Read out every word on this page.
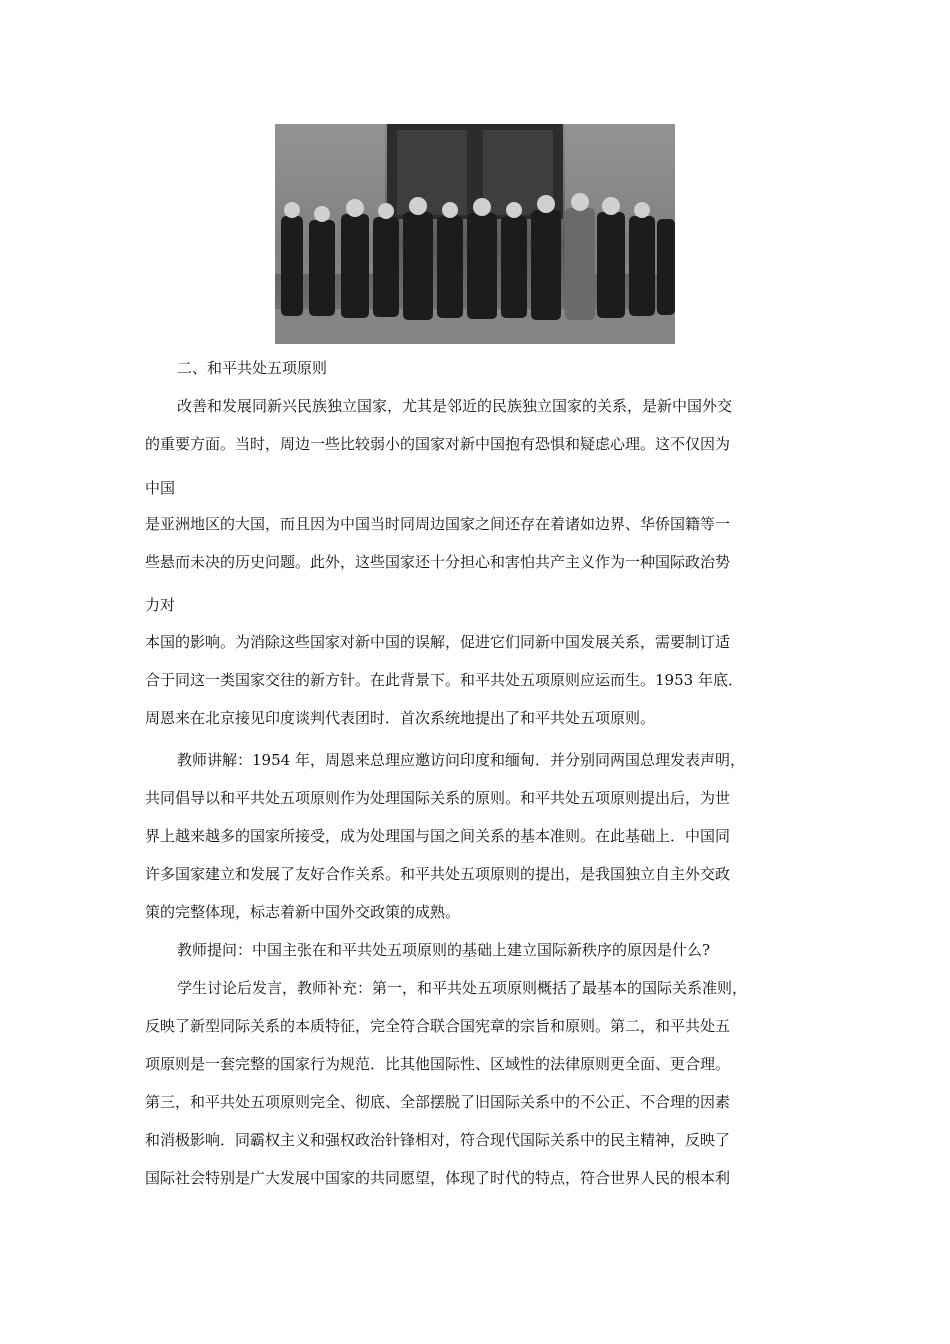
二、和平共处五项原则
改善和发展同新兴民族独立国家，尤其是邻近的民族独立国家的关系，是新中国外交
的重要方面。当时，周边一些比较弱小的国家对新中国抱有恐惧和疑虑心理。这不仅因为
中国
是亚洲地区的大国，而且因为中国当时同周边国家之间还存在着诸如边界、华侨国籍等一
些悬而未决的历史问题。此外，这些国家还十分担心和害怕共产主义作为一种国际政治势
力对
本国的影响。为消除这些国家对新中国的误解，促进它们同新中国发展关系，需要制订适
合于同这一类国家交往的新方针。在此背景下。和平共处五项原则应运而生。1953 年底．
周恩来在北京接见印度谈判代表团时．首次系统地提出了和平共处五项原则。
教师讲解：1954 年，周恩来总理应邀访问印度和缅甸．并分别同两国总理发表声明，
共同倡导以和平共处五项原则作为处理国际关系的原则。和平共处五项原则提出后，为世
界上越来越多的国家所接受，成为处理国与国之间关系的基本准则。在此基础上．中国同
许多国家建立和发展了友好合作关系。和平共处五项原则的提出，是我国独立自主外交政
策的完整体现，标志着新中国外交政策的成熟。
教师提问：中国主张在和平共处五项原则的基础上建立国际新秩序的原因是什么?
学生讨论后发言，教师补充：第一，和平共处五项原则概括了最基本的国际关系准则，
反映了新型同际关系的本质特征，完全符合联合国宪章的宗旨和原则。第二，和平共处五
项原则是一套完整的国家行为规范．比其他国际性、区域性的法律原则更全面、更合理。
第三，和平共处五项原则完全、彻底、全部摆脱了旧国际关系中的不公正、不合理的因素
和消极影响．同霸权主义和强权政治针锋相对，符合现代国际关系中的民主精神，反映了
国际社会特别是广大发展中国家的共同愿望，体现了时代的特点，符合世界人民的根本利
